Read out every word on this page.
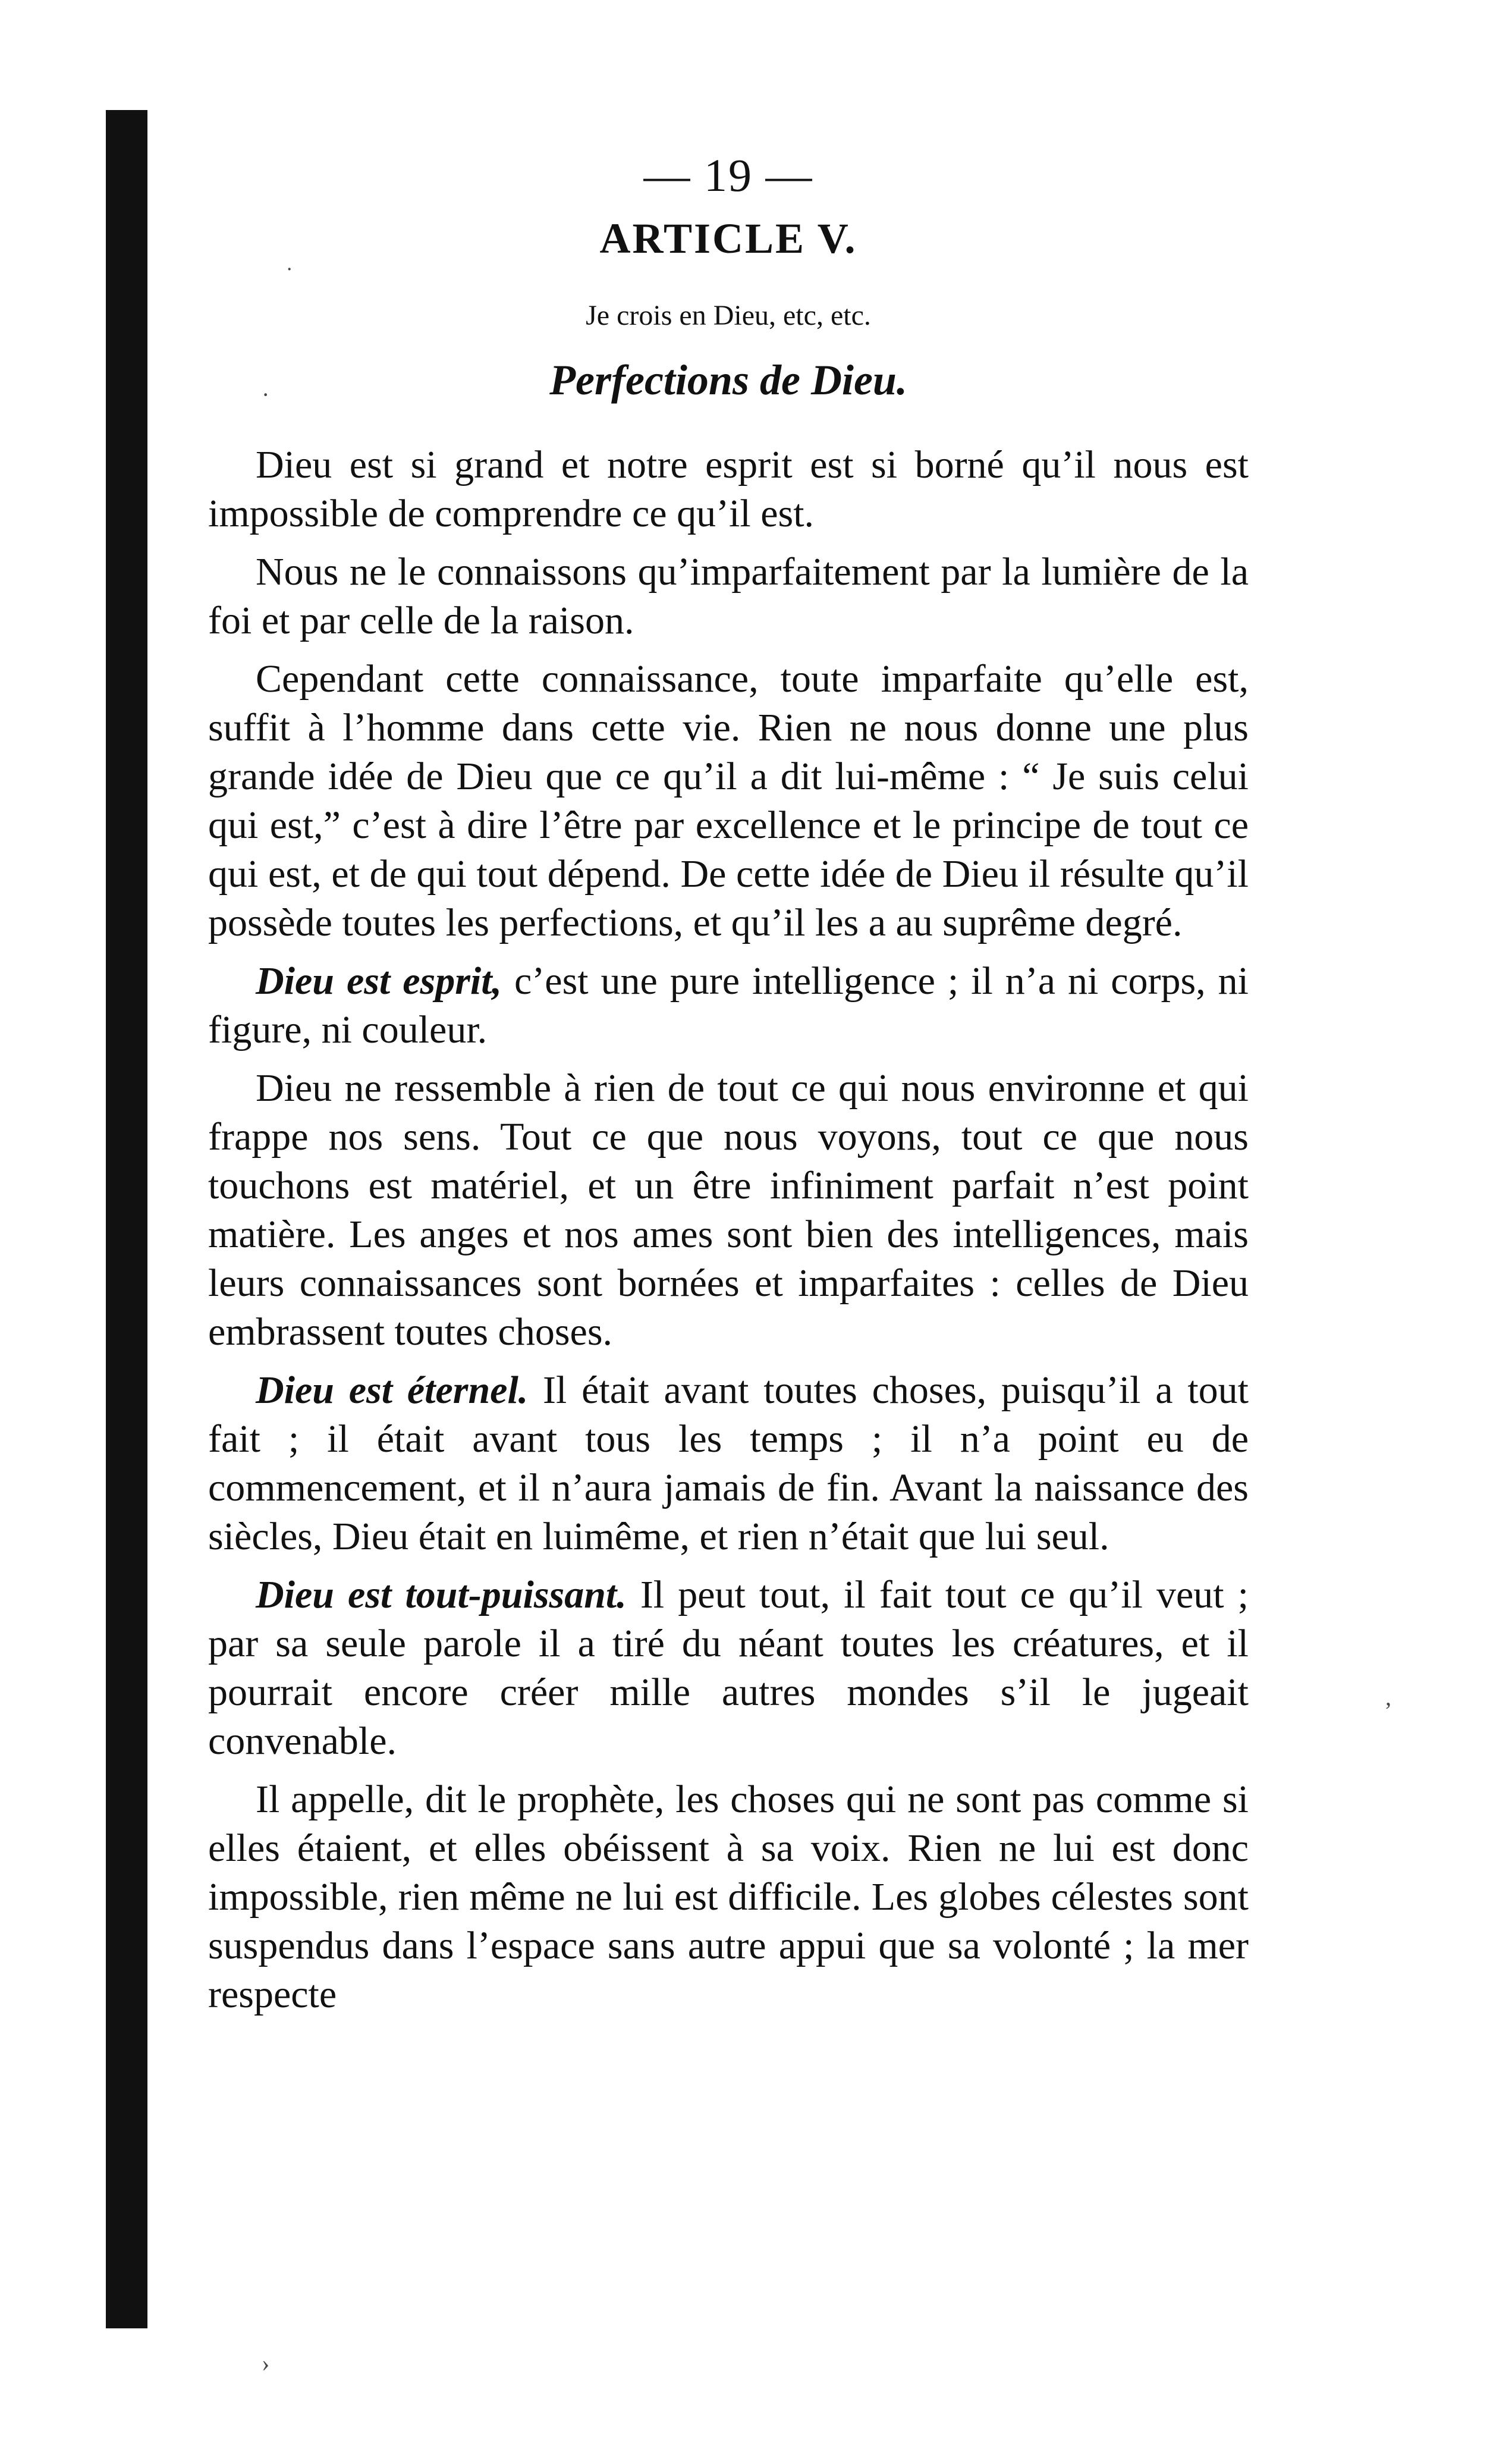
— 19 —
ARTICLE V.
Je crois en Dieu, etc, etc.
Perfections de Dieu.

Dieu est si grand et notre esprit est si borné qu’il nous est impossible de comprendre ce qu’il est.

Nous ne le connaissons qu’imparfaitement par la lumière de la foi et par celle de la raison.

Cependant cette connaissance, toute imparfaite qu’elle est, suffit à l’homme dans cette vie. Rien ne nous donne une plus grande idée de Dieu que ce qu’il a dit lui-même : “ Je suis celui qui est,” c’est à dire l’être par excellence et le principe de tout ce qui est, et de qui tout dépend. De cette idée de Dieu il résulte qu’il possède toutes les perfections, et qu’il les a au suprême degré.

Dieu est esprit, c’est une pure intelligence ; il n’a ni corps, ni figure, ni couleur.

Dieu ne ressemble à rien de tout ce qui nous environne et qui frappe nos sens. Tout ce que nous voyons, tout ce que nous touchons est matériel, et un être infiniment parfait n’est point matière. Les anges et nos ames sont bien des intelligences, mais leurs connaissances sont bornées et imparfaites : celles de Dieu embrassent toutes choses.

Dieu est éternel. Il était avant toutes choses, puisqu’il a tout fait ; il était avant tous les temps ; il n’a point eu de commencement, et il n’aura jamais de fin. Avant la naissance des siècles, Dieu était en luimême, et rien n’était que lui seul.

Dieu est tout-puissant. Il peut tout, il fait tout ce qu’il veut ; par sa seule parole il a tiré du néant toutes les créatures, et il pourrait encore créer mille autres mondes s’il le jugeait convenable.

Il appelle, dit le prophète, les choses qui ne sont pas comme si elles étaient, et elles obéissent à sa voix. Rien ne lui est donc impossible, rien même ne lui est difficile. Les globes célestes sont suspendus dans l’espace sans autre appui que sa volonté ; la mer respecte

˙
·
,
›
